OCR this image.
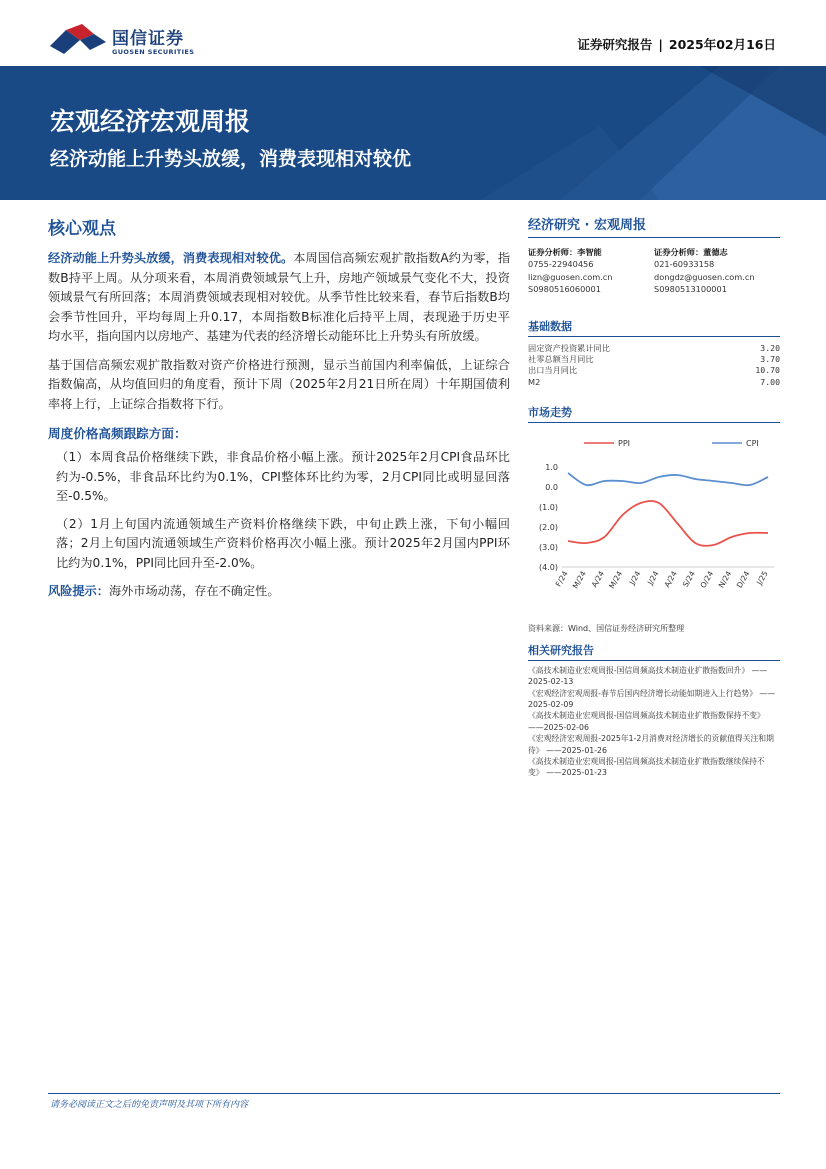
国信证券
GUOSEN SECURITIES	证券研究报告 | 2025年02月16日
宏观经济宏观周报
经济动能上升势头放缓，消费表现相对较优
核心观点
经济动能上升势头放缓，消费表现相对较优。本周国信高频宏观扩散指数A约为零，指数B持平上周。从分项来看，本周消费领域景气上升，房地产领域景气变化不大，投资领域景气有所回落；本周消费领域表现相对较优。从季节性比较来看，春节后指数B均会季节性回升，平均每周上升0.17，本周指数B标准化后持平上周，表现逊于历史平均水平，指向国内以房地产、基建为代表的经济增长动能环比上升势头有所放缓。
基于国信高频宏观扩散指数对资产价格进行预测，显示当前国内利率偏低，上证综合指数偏高，从均值回归的角度看，预计下周（2025年2月21日所在周）十年期国债利率将上行，上证综合指数将下行。
周度价格高频跟踪方面：
（1）本周食品价格继续下跌，非食品价格小幅上涨。预计2025年2月CPI食品环比约为-0.5%，非食品环比约为0.1%，CPI整体环比约为零，2月CPI同比或明显回落至-0.5%。
（2）1月上旬国内流通领域生产资料价格继续下跌，中旬止跌上涨，下旬小幅回落；2月上旬国内流通领域生产资料价格再次小幅上涨。预计2025年2月国内PPI环比约为0.1%，PPI同比回升至-2.0%。
风险提示：海外市场动荡，存在不确定性。
经济研究 · 宏观周报
证券分析师：李智能
0755-22940456
lizn@guosen.com.cn
S0980516060001
证券分析师：董德志
021-60933158
dongdz@guosen.com.cn
S0980513100001
基础数据
固定资产投资累计同比	3.20
社零总额当月同比	3.70
出口当月同比	10.70
M2	7.00
市场走势
PPI	CPI
1.0
0.0
(1.0)
(2.0)
(3.0)
(4.0)
F/24 M/24 A/24 M/24 J/24 J/24 A/24 S/24 O/24 N/24 D/24 J/25
资料来源：Wind、国信证券经济研究所整理
相关研究报告
《高技术制造业宏观周报-国信周频高技术制造业扩散指数回升》 ——2025-02-13
《宏观经济宏观周报-春节后国内经济增长动能如期进入上行趋势》 ——2025-02-09
《高技术制造业宏观周报-国信周频高技术制造业扩散指数保持不变》 ——2025-02-06
《宏观经济宏观周报-2025年1-2月消费对经济增长的贡献值得关注和期待》 ——2025-01-26
《高技术制造业宏观周报-国信周频高技术制造业扩散指数继续保持不变》 ——2025-01-23
请务必阅读正文之后的免责声明及其项下所有内容
